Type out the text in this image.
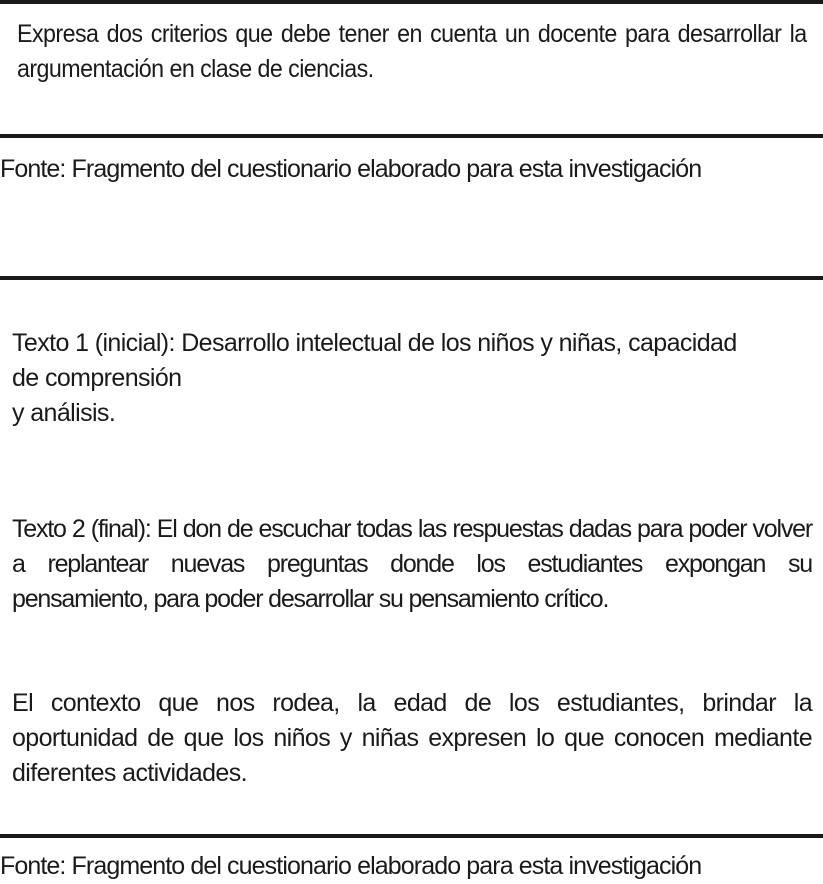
Expresa dos criterios que debe tener en cuenta un docente para desarrollar la argumentación en clase de ciencias.

Fonte: Fragmento del cuestionario elaborado para esta investigación

Texto 1 (inicial): Desarrollo intelectual de los niños y niñas, capacidad

de comprensión

y análisis.

Texto 2 (final): El don de escuchar todas las respuestas dadas para poder volver a replantear nuevas preguntas donde los estudiantes expongan su pensamiento, para poder desarrollar su pensamiento crítico.

El contexto que nos rodea, la edad de los estudiantes, brindar la oportunidad de que los niños y niñas expresen lo que conocen mediante diferentes actividades.

Fonte: Fragmento del cuestionario elaborado para esta investigación
